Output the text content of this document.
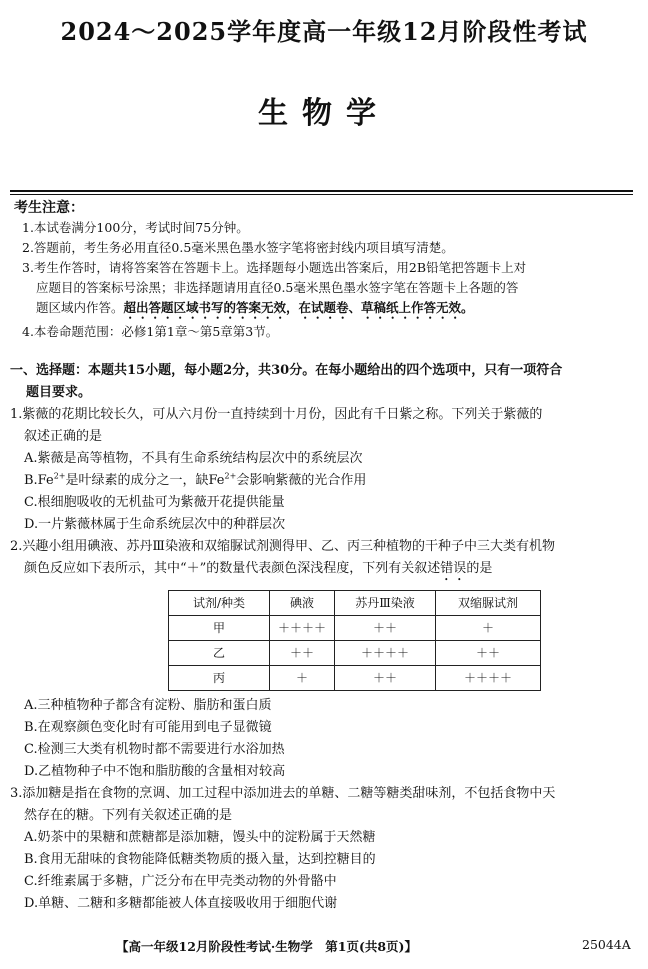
2024～2025学年度高一年级12月阶段性考试
生物学
考生注意：
1.本试卷满分100分，考试时间75分钟。
2.答题前，考生务必用直径0.5毫米黑色墨水签字笔将密封线内项目填写清楚。
3.考生作答时，请将答案答在答题卡上。选择题每小题选出答案后，用2B铅笔把答题卡上对
应题目的答案标号涂黑；非选择题请用直径0.5毫米黑色墨水签字笔在答题卡上各题的答
题区域内作答。超出答题区域书写的答案无效，在试题卷、草稿纸上作答无效。
4.本卷命题范围：必修1第1章～第5章第3节。
一、选择题：本题共15小题，每小题2分，共30分。在每小题给出的四个选项中，只有一项符合
题目要求。
1.紫薇的花期比较长久，可从六月份一直持续到十月份，因此有千日紫之称。下列关于紫薇的
叙述正确的是
A.紫薇是高等植物，不具有生命系统结构层次中的系统层次
$B.Fe^{2+}$是叶绿素的成分之一，缺$Fe^{2+}$会影响紫薇的光合作用
C.根细胞吸收的无机盐可为紫薇开花提供能量
D.一片紫薇林属于生命系统层次中的种群层次
2.兴趣小组用碘液、苏丹Ⅲ染液和双缩脲试剂测得甲、乙、丙三种植物的干种子中三大类有机物
颜色反应如下表所示，其中“＋”的数量代表颜色深浅程度，下列有关叙述错误的是
试剂/种类	碘液	苏丹Ⅲ染液	双缩脲试剂
甲	＋＋＋＋	＋＋	＋
乙	＋＋	＋＋＋＋	＋＋
丙	＋	＋＋	＋＋＋＋
A.三种植物种子都含有淀粉、脂肪和蛋白质
B.在观察颜色变化时有可能用到电子显微镜
C.检测三大类有机物时都不需要进行水浴加热
D.乙植物种子中不饱和脂肪酸的含量相对较高
3.添加糖是指在食物的烹调、加工过程中添加进去的单糖、二糖等糖类甜味剂，不包括食物中天
然存在的糖。下列有关叙述正确的是
A.奶茶中的果糖和蔗糖都是添加糖，馒头中的淀粉属于天然糖
B.食用无甜味的食物能降低糖类物质的摄入量，达到控糖目的
C.纤维素属于多糖，广泛分布在甲壳类动物的外骨骼中
D.单糖、二糖和多糖都能被人体直接吸收用于细胞代谢
【高一年级12月阶段性考试·生物学　第1页(共8页)】	25044A
